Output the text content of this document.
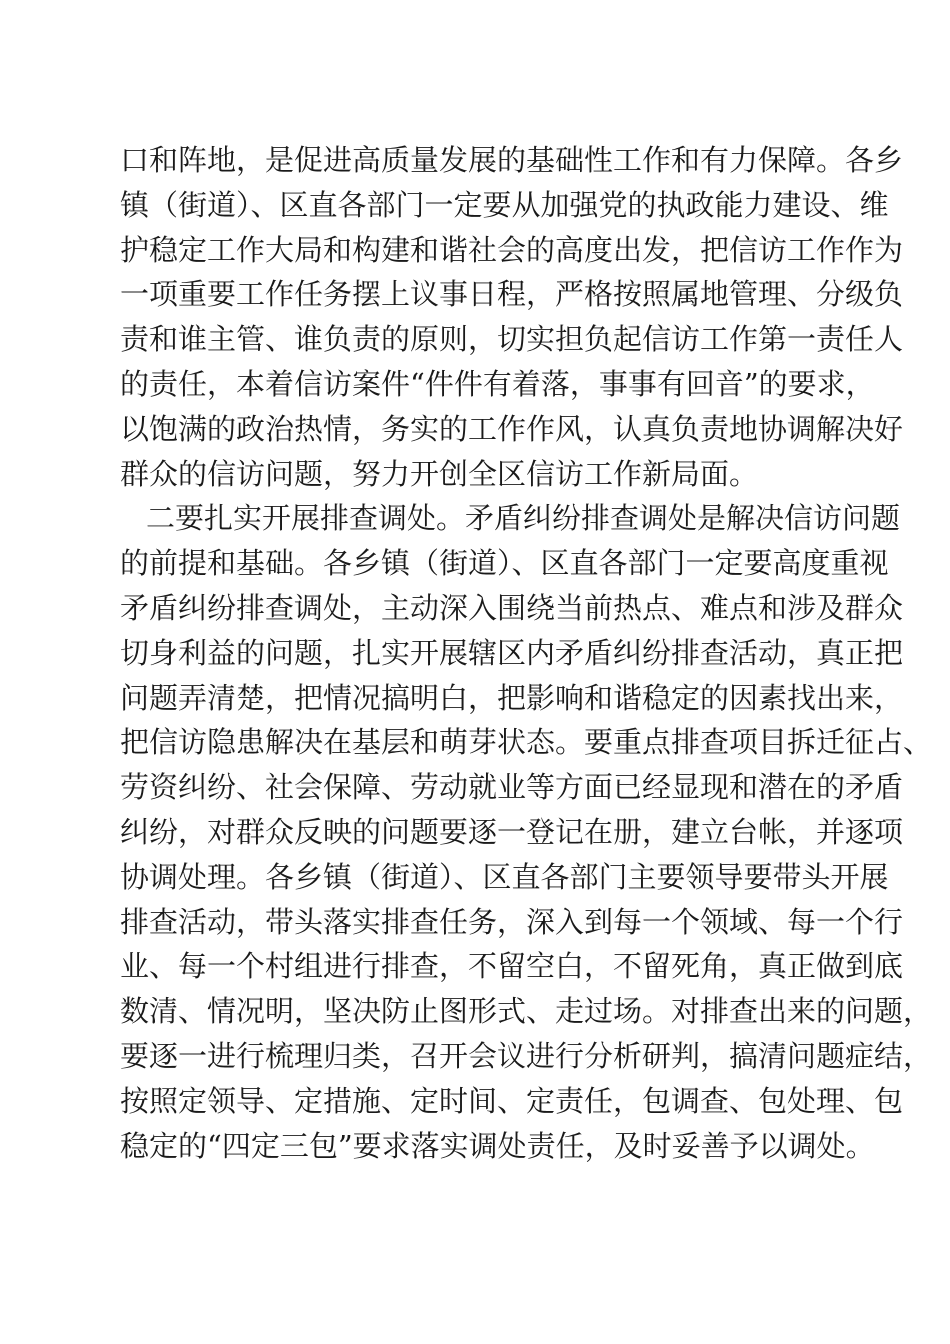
口和阵地，是促进高质量发展的基础性工作和有力保障。各乡
镇（街道）、区直各部门一定要从加强党的执政能力建设、维
护稳定工作大局和构建和谐社会的高度出发，把信访工作作为
一项重要工作任务摆上议事日程，严格按照属地管理、分级负
责和谁主管、谁负责的原则，切实担负起信访工作第一责任人
的责任，本着信访案件“件件有着落，事事有回音”的要求，
以饱满的政治热情，务实的工作作风，认真负责地协调解决好
群众的信访问题，努力开创全区信访工作新局面。
二要扎实开展排查调处。矛盾纠纷排查调处是解决信访问题
的前提和基础。各乡镇（街道）、区直各部门一定要高度重视
矛盾纠纷排查调处，主动深入围绕当前热点、难点和涉及群众
切身利益的问题，扎实开展辖区内矛盾纠纷排查活动，真正把
问题弄清楚，把情况搞明白，把影响和谐稳定的因素找出来，
把信访隐患解决在基层和萌芽状态。要重点排查项目拆迁征占、
劳资纠纷、社会保障、劳动就业等方面已经显现和潜在的矛盾
纠纷，对群众反映的问题要逐一登记在册，建立台帐，并逐项
协调处理。各乡镇（街道）、区直各部门主要领导要带头开展
排查活动，带头落实排查任务，深入到每一个领域、每一个行
业、每一个村组进行排查，不留空白，不留死角，真正做到底
数清、情况明，坚决防止图形式、走过场。对排查出来的问题，
要逐一进行梳理归类，召开会议进行分析研判，搞清问题症结，
按照定领导、定措施、定时间、定责任，包调查、包处理、包
稳定的“四定三包”要求落实调处责任，及时妥善予以调处。
